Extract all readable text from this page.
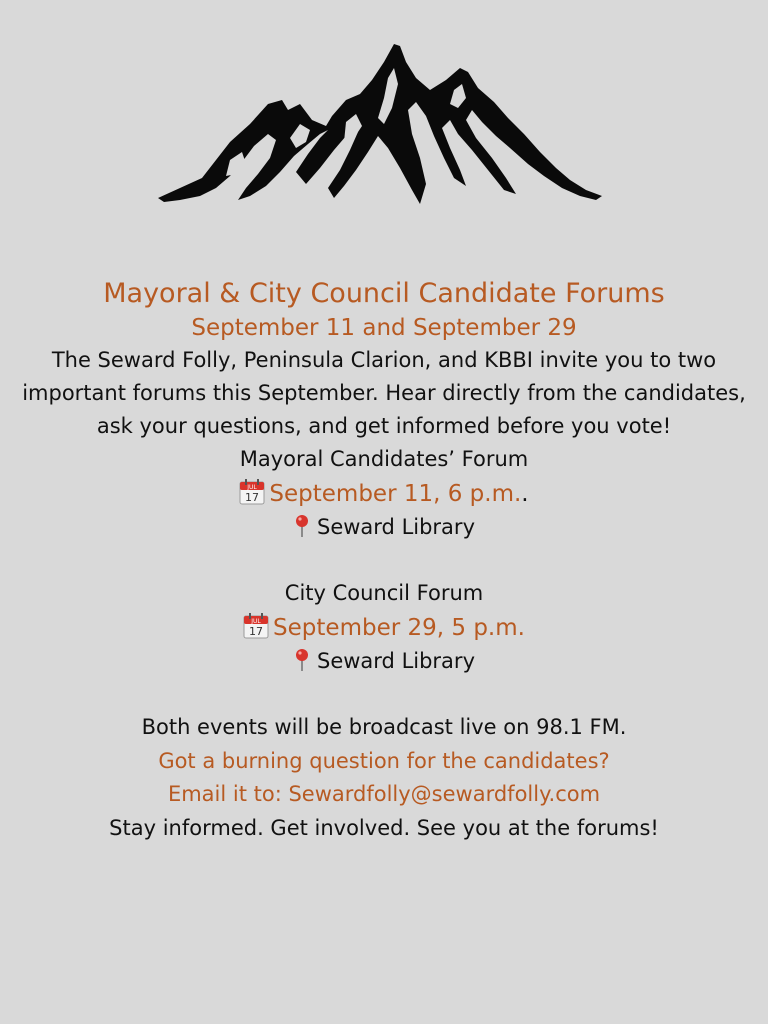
Mayoral & City Council Candidate Forums

September 11 and September 29

The Seward Folly, Peninsula Clarion, and KBBI invite you to two important forums this September. Hear directly from the candidates, ask your questions, and get informed before you vote!

Mayoral Candidates’ Forum

JUL
17 September 11, 6 p.m..

Seward Library

City Council Forum

JUL
17 September 29, 5 p.m.

Seward Library

Both events will be broadcast live on 98.1 FM.

Got a burning question for the candidates?

Email it to: Sewardfolly@sewardfolly.com

Stay informed. Get involved. See you at the forums!
